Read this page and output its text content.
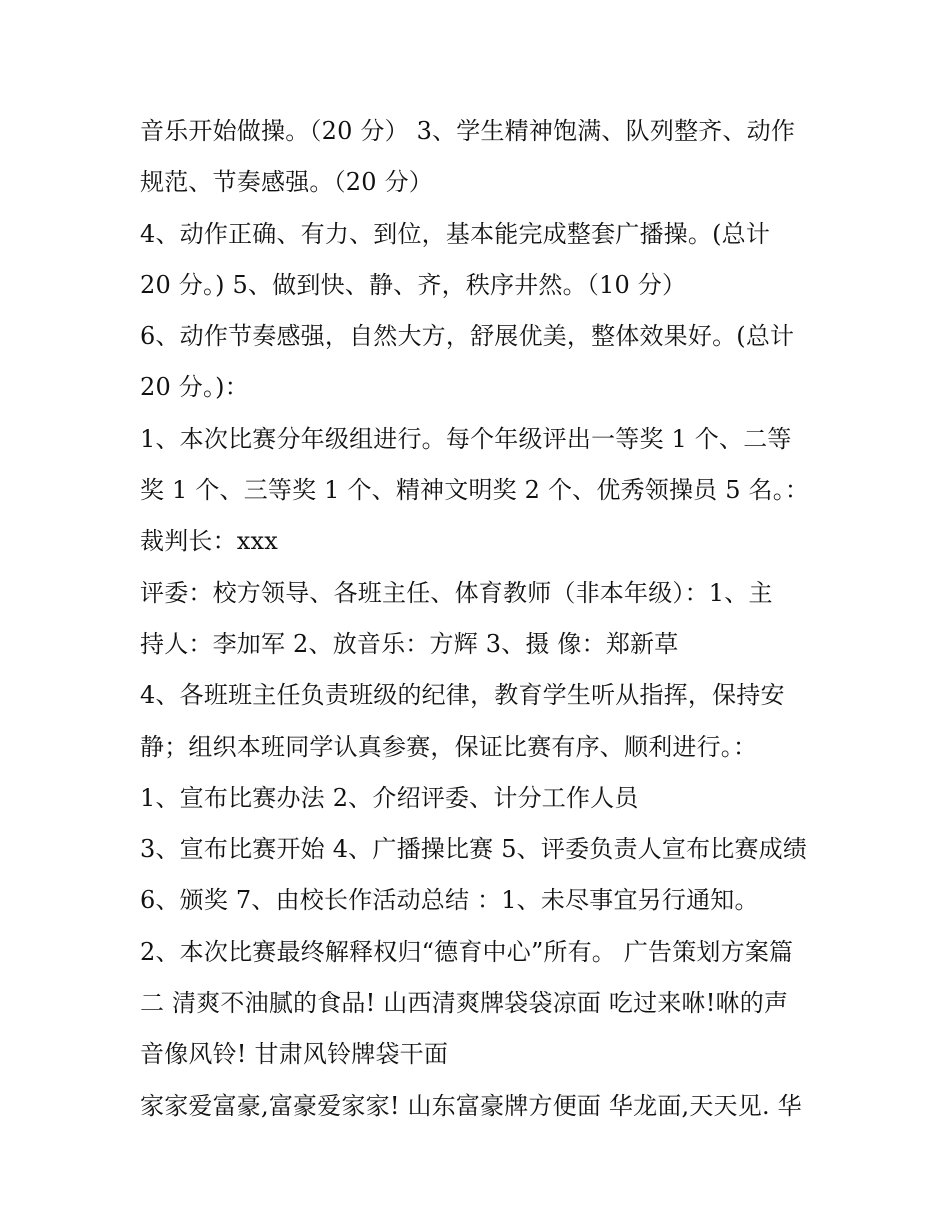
音乐开始做操。（20 分） 3、学生精神饱满、队列整齐、动作
规范、节奏感强。（20 分）
4、动作正确、有力、到位，基本能完成整套广播操。(总计
20 分。) 5、做到快、静、齐，秩序井然。（10 分）
6、动作节奏感强，自然大方，舒展优美，整体效果好。(总计
20 分。)：
1、本次比赛分年级组进行。每个年级评出一等奖 1 个、二等
奖 1 个、三等奖 1 个、精神文明奖 2 个、优秀领操员 5 名。：
裁判长：xxx
评委：校方领导、各班主任、体育教师（非本年级）：1、主
持人：李加军 2、放音乐：方辉 3、摄 像：郑新草
4、各班班主任负责班级的纪律，教育学生听从指挥，保持安
静；组织本班同学认真参赛，保证比赛有序、顺利进行。：
1、宣布比赛办法 2、介绍评委、计分工作人员
3、宣布比赛开始 4、广播操比赛 5、评委负责人宣布比赛成绩
6、颁奖 7、由校长作活动总结 ：1、未尽事宜另行通知。
2、本次比赛最终解释权归“德育中心”所有。 广告策划方案篇
二 清爽不油腻的食品! 山西清爽牌袋袋凉面 吃过来咻!咻的声
音像风铃! 甘肃风铃牌袋干面
家家爱富豪,富豪爱家家! 山东富豪牌方便面 华龙面,天天见. 华
